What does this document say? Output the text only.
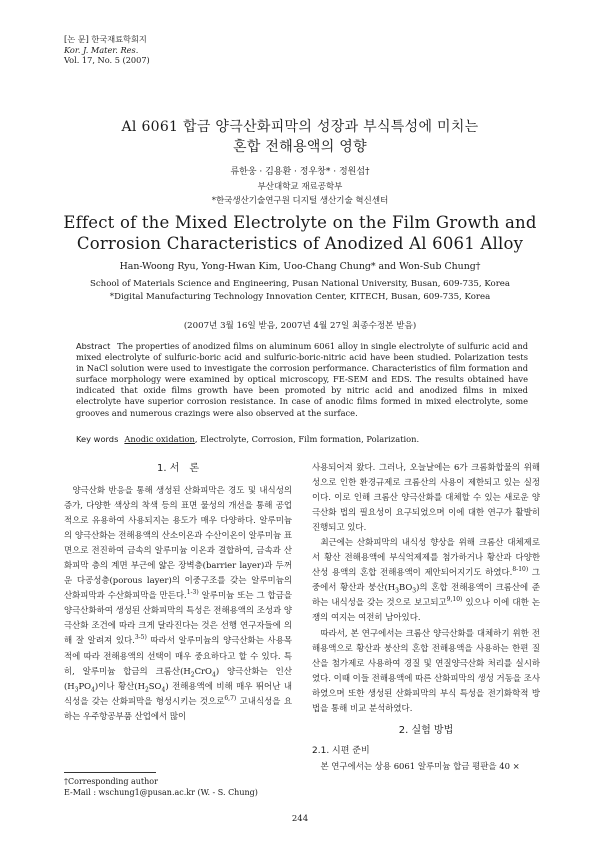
[논 문] 한국재료학회지
Kor. J. Mater. Res.
Vol. 17, No. 5 (2007)
Al 6061 합금 양극산화피막의 성장과 부식특성에 미치는
혼합 전해용액의 영향
류한웅 · 김용환 · 정우창* · 정원섭†
부산대학교 재료공학부
*한국생산기술연구원 디지털 생산기술 혁신센터
Effect of the Mixed Electrolyte on the Film Growth and
Corrosion Characteristics of Anodized Al 6061 Alloy
Han-Woong Ryu, Yong-Hwan Kim, Uoo-Chang Chung* and Won-Sub Chung†
School of Materials Science and Engineering, Pusan National University, Busan, 609-735, Korea
*Digital Manufacturing Technology Innovation Center, KITECH, Busan, 609-735, Korea
(2007년 3월 16일 받음, 2007년 4월 27일 최종수정본 받음)
Abstract The properties of anodized films on aluminum 6061 alloy in single electrolyte of sulfuric acid and mixed electrolyte of sulfuric-boric acid and sulfuric-boric-nitric acid have been studied. Polarization tests in NaCl solution were used to investigate the corrosion performance. Characteristics of film formation and surface morphology were examined by optical microscopy, FE-SEM and EDS. The results obtained have indicated that oxide films growth have been promoted by nitric acid and anodized films in mixed electrolyte have superior corrosion resistance. In case of anodic films formed in mixed electrolyte, some grooves and numerous crazings were also observed at the surface.
Key words Anodic oxidation, Electrolyte, Corrosion, Film formation, Polarization.
1. 서　론

양극산화 반응을 통해 생성된 산화피막은 경도 및 내식성의 증가, 다양한 색상의 착색 등의 표면 물성의 개선을 통해 공업적으로 유용하여 사용되지는 용도가 매우 다양하다. 알루미늄의 양극산화는 전해용액의 산소이온과 수산이온이 알루미늄 표면으로 전진하여 금속의 알루미늄 이온과 결합하여, 금속과 산화피막 층의 계면 부근에 얇은 장벽층(barrier layer)과 두꺼운 다공성층(porous layer)의 이중구조를 갖는 알루미늄의 산화피막과 수산화피막을 만든다.$^{1-3)}$ 알루미늄 또는 그 합금을 양극산화하여 생성된 산화피막의 특성은 전해용액의 조성과 양극산화 조건에 따라 크게 달라진다는 것은 선행 연구자들에 의해 잘 알려져 있다.$^{3-5)}$ 따라서 알루미늄의 양극산화는 사용목적에 따라 전해용액의 선택이 매우 중요하다고 할 수 있다. 특히, 알루미늄 합금의 크롬산$(H_2CrO_4)$ 양극산화는 인산$(H_3PO_4)$이나 황산$(H_2SO_4)$ 전해용액에 비해 매우 뛰어난 내식성을 갖는 산화피막을 형성시키는 것으로$^{6,7)}$ 고내식성을 요하는 우주항공부품 산업에서 많이

사용되어져 왔다. 그러나, 오늘날에는 6가 크롬화합물의 위해성으로 인한 환경규제로 크롬산의 사용이 제한되고 있는 실정이다. 이로 인해 크롬산 양극산화를 대체할 수 있는 새로운 양극산화 법의 필요성이 요구되었으며 이에 대한 연구가 활발히 진행되고 있다.

최근에는 산화피막의 내식성 향상을 위해 크롬산 대체제로서 황산 전해용액에 부식억제제를 첨가하거나 황산과 다양한 산성 용액의 혼합 전해용액이 제안되어지기도 하였다.$^{8-10)}$ 그중에서 황산과 붕산$(H_3BO_3)$의 혼합 전해용액이 크롬산에 준하는 내식성을 갖는 것으로 보고되고$^{9,10)}$ 있으나 이에 대한 논쟁의 여지는 여전히 남아있다.

따라서, 본 연구에서는 크롬산 양극산화를 대체하기 위한 전해용액으로 황산과 붕산의 혼합 전해용액을 사용하는 한편 질산을 첨가제로 사용하여 경질 및 연질양극산화 처리를 실시하였다. 이때 이들 전해용액에 따른 산화피막의 생성 거동을 조사하였으며 또한 생성된 산화피막의 부식 특성을 전기화학적 방법을 통해 비교 분석하였다.

2. 실험 방법
2.1. 시편 준비

본 연구에서는 상용 6061 알루미늄 합금 평판을 40 ×

†Corresponding author
E-Mail : wschung1@pusan.ac.kr (W. - S. Chung)
244
